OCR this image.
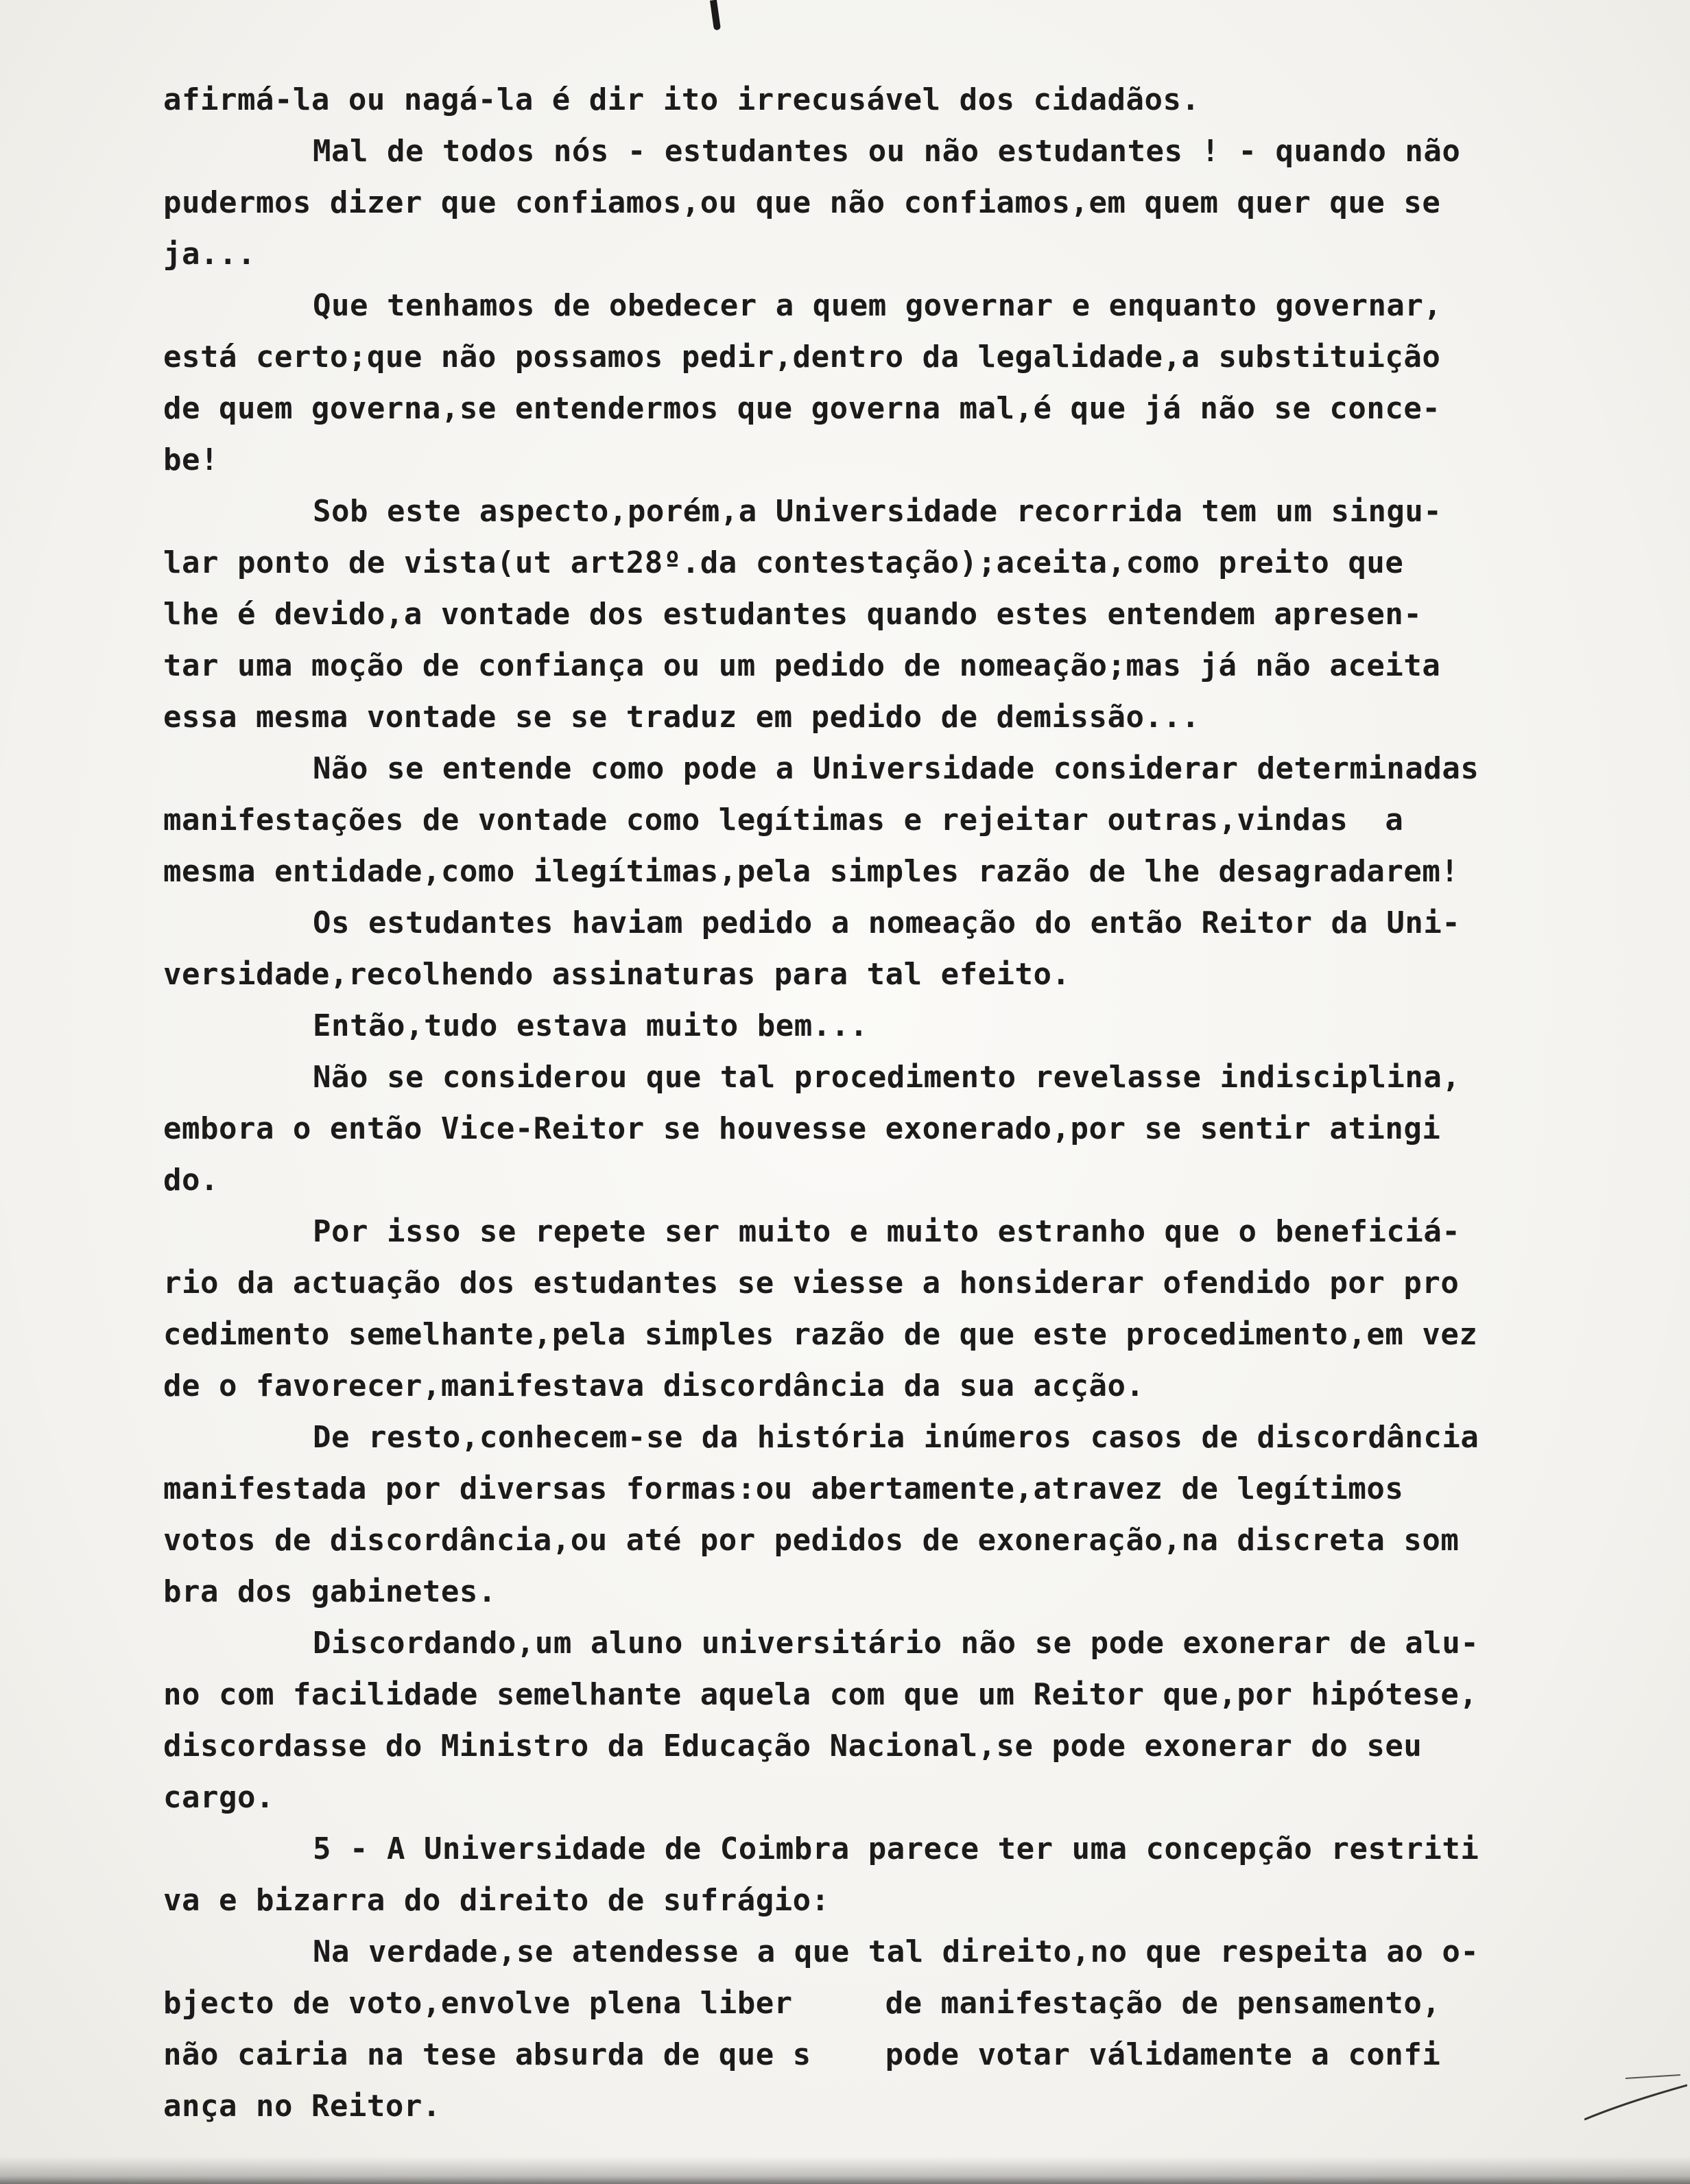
afirmá-la ou nagá-la é dir ito irrecusável dos cidadãos.
Mal de todos nós - estudantes ou não estudantes ! - quando não
pudermos dizer que confiamos,ou que não confiamos,em quem quer que se
ja...
Que tenhamos de obedecer a quem governar e enquanto governar,
está certo;que não possamos pedir,dentro da legalidade,a substituição
de quem governa,se entendermos que governa mal,é que já não se conce-
be!
Sob este aspecto,porém,a Universidade recorrida tem um singu-
lar ponto de vista(ut art28º.da contestação);aceita,como preito que
lhe é devido,a vontade dos estudantes quando estes entendem apresen-
tar uma moção de confiança ou um pedido de nomeação;mas já não aceita
essa mesma vontade se se traduz em pedido de demissão...
Não se entende como pode a Universidade considerar determinadas
manifestações de vontade como legítimas e rejeitar outras,vindas  a
mesma entidade,como ilegítimas,pela simples razão de lhe desagradarem!
Os estudantes haviam pedido a nomeação do então Reitor da Uni-
versidade,recolhendo assinaturas para tal efeito.
Então,tudo estava muito bem...
Não se considerou que tal procedimento revelasse indisciplina,
embora o então Vice-Reitor se houvesse exonerado,por se sentir atingi
do.
Por isso se repete ser muito e muito estranho que o beneficiá-
rio da actuação dos estudantes se viesse a honsiderar ofendido por pro
cedimento semelhante,pela simples razão de que este procedimento,em vez
de o favorecer,manifestava discordância da sua acção.
De resto,conhecem-se da história inúmeros casos de discordância
manifestada por diversas formas:ou abertamente,atravez de legítimos
votos de discordância,ou até por pedidos de exoneração,na discreta som
bra dos gabinetes.
Discordando,um aluno universitário não se pode exonerar de alu-
no com facilidade semelhante aquela com que um Reitor que,por hipótese,
discordasse do Ministro da Educação Nacional,se pode exonerar do seu
cargo.
5 - A Universidade de Coimbra parece ter uma concepção restriti
va e bizarra do direito de sufrágio:
Na verdade,se atendesse a que tal direito,no que respeita ao o-
bjecto de voto,envolve plena liber     de manifestação de pensamento,
não cairia na tese absurda de que s    pode votar válidamente a confi
ança no Reitor.
